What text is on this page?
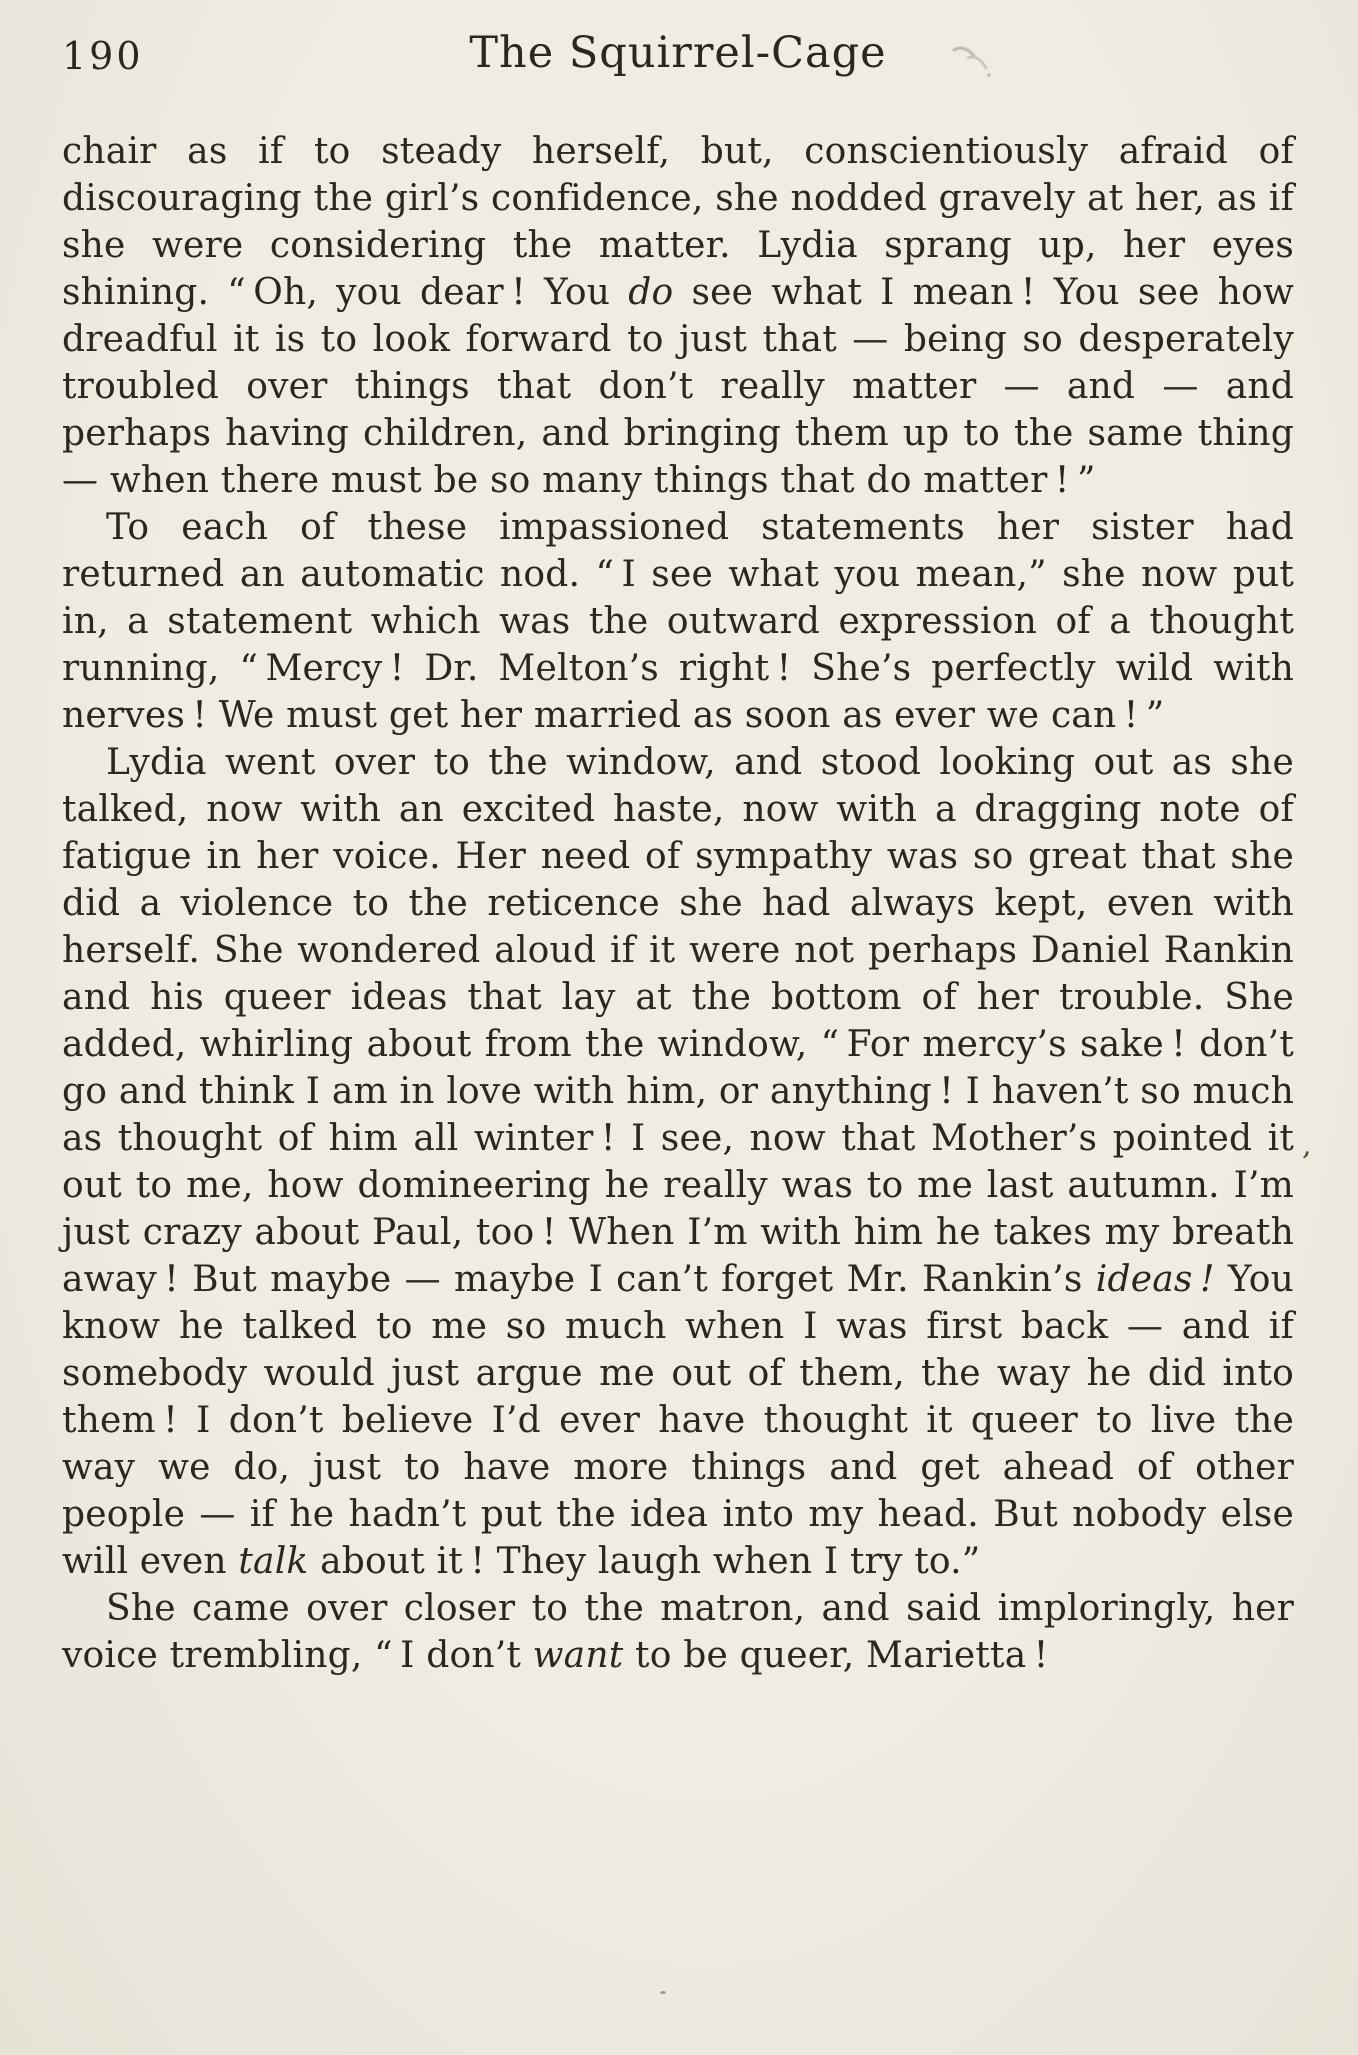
190	The Squirrel-Cage

chair as if to steady herself, but, conscientiously afraid of discouraging the girl’s confidence, she nodded gravely at her, as if she were considering the matter. Lydia sprang up, her eyes shining. “ Oh, you dear ! You do see what I mean ! You see how dreadful it is to look forward to just that — being so desperately troubled over things that don’t really matter — and — and perhaps having children, and bringing them up to the same thing — when there must be so many things that do matter ! ”

To each of these impassioned statements her sister had returned an automatic nod. “ I see what you mean,” she now put in, a statement which was the outward expression of a thought running, “ Mercy ! Dr. Melton’s right ! She’s perfectly wild with nerves ! We must get her married as soon as ever we can ! ”

Lydia went over to the window, and stood looking out as she talked, now with an excited haste, now with a dragging note of fatigue in her voice. Her need of sympathy was so great that she did a violence to the reticence she had always kept, even with herself. She wondered aloud if it were not perhaps Daniel Rankin and his queer ideas that lay at the bottom of her trouble. She added, whirling about from the window, “ For mercy’s sake ! don’t go and think I am in love with him, or anything ! I haven’t so much as thought of him all winter ! I see, now that Mother’s pointed it out to me, how domineering he really was to me last autumn. I’m just crazy about Paul, too ! When I’m with him he takes my breath away ! But maybe — maybe I can’t forget Mr. Rankin’s ideas ! You know he talked to me so much when I was first back — and if somebody would just argue me out of them, the way he did into them ! I don’t believe I’d ever have thought it queer to live the way we do, just to have more things and get ahead of other people — if he hadn’t put the idea into my head. But nobody else will even talk about it ! They laugh when I try to.”

She came over closer to the matron, and said imploringly, her voice trembling, “ I don’t want to be queer, Marietta !

’
